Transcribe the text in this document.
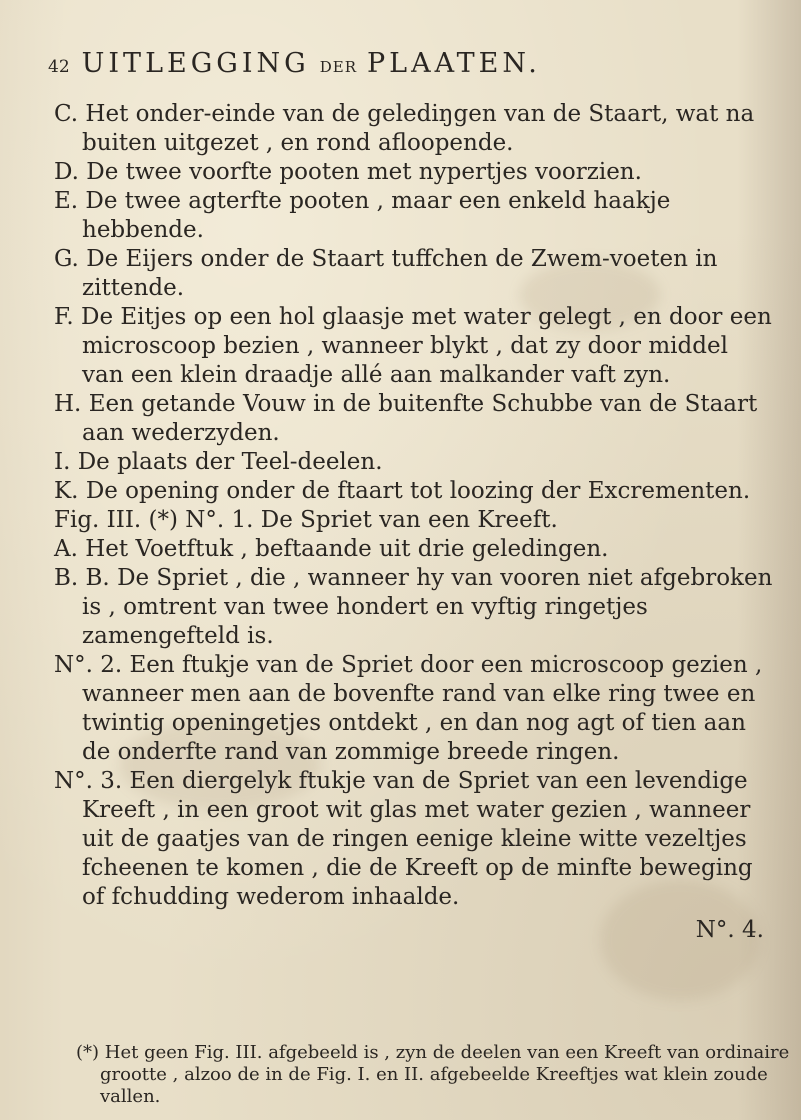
42 UITLEGGING DER PLAATEN.

C. Het onder-einde van de gelediŋgen van de Staart, wat na buiten uitgezet , en rond afloopende.

D. De twee voorfte pooten met nypertjes voorzien.

E. De twee agterfte pooten , maar een enkeld haakje hebbende.

G. De Eijers onder de Staart tuffchen de Zwem-voeten in zittende.

F. De Eitjes op een hol glaasje met water gelegt , en door een microscoop bezien , wanneer blykt , dat zy door middel van een klein draadje allé aan malkander vaft zyn.

H. Een getande Vouw in de buitenfte Schubbe van de Staart aan wederzyden.

I. De plaats der Teel-deelen.

K. De opening onder de ftaart tot loozing der Excrementen.

Fig. III. (*) N°. 1. De Spriet van een Kreeft.

A. Het Voetftuk , beftaande uit drie geledingen.

B. B. De Spriet , die , wanneer hy van vooren niet afgebroken is , omtrent van twee hondert en vyftig ringetjes zamengefteld is.

N°. 2. Een ftukje van de Spriet door een microscoop gezien , wanneer men aan de bovenfte rand van elke ring twee en twintig openingetjes ontdekt , en dan nog agt of tien aan de onderfte rand van zommige breede ringen.

N°. 3. Een diergelyk ftukje van de Spriet van een levendige Kreeft , in een groot wit glas met water gezien , wanneer uit de gaatjes van de ringen eenige kleine witte vezeltjes fcheenen te komen , die de Kreeft op de minfte beweging of fchudding wederom inhaalde.

N°. 4.

(*) Het geen Fig. III. afgebeeld is , zyn de deelen van een Kreeft van ordinaire grootte , alzoo de in de Fig. I. en II. afgebeelde Kreeftjes wat klein zoude vallen.
